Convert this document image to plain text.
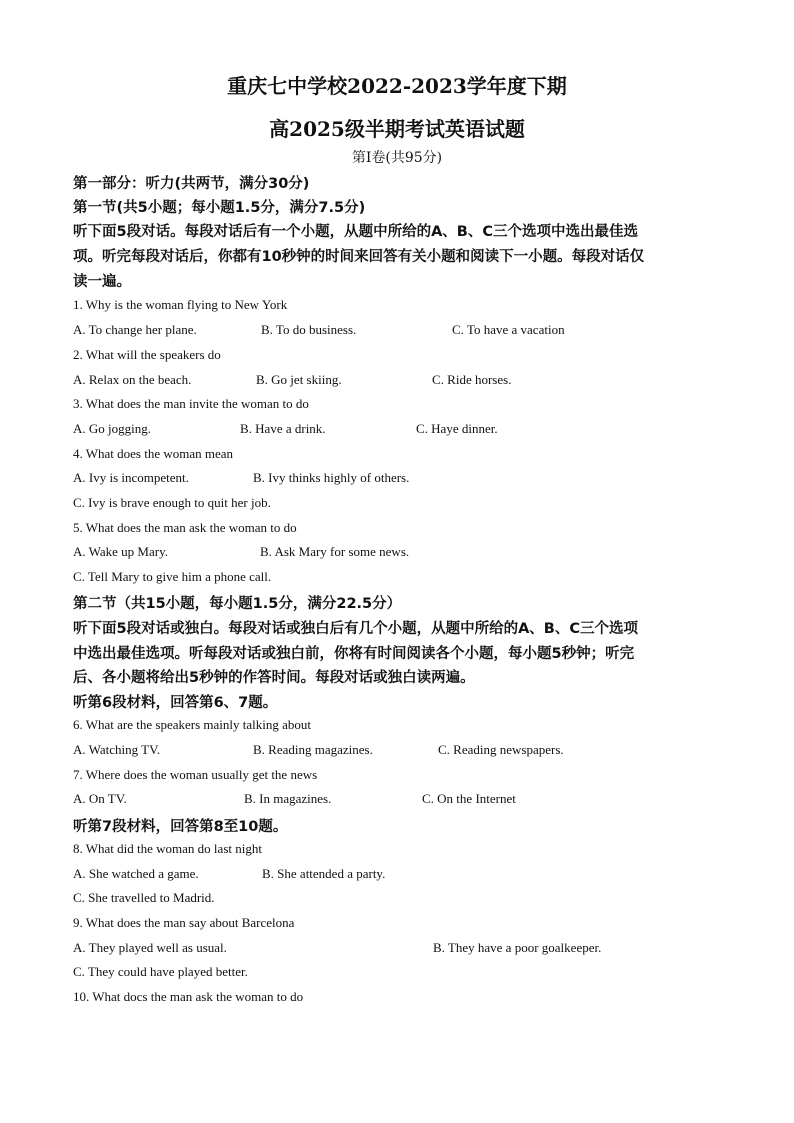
重庆七中学校2022-2023学年度下期
高2025级半期考试英语试题
第Ⅰ卷(共95分)
第一部分：听力(共两节，满分30分)
第一节(共5小题；每小题1.5分，满分7.5分)
听下面5段对话。每段对话后有一个小题，从题中所给的A、B、C三个选项中选出最佳选
项。听完每段对话后，你都有10秒钟的时间来回答有关小题和阅读下一小题。每段对话仅
读一遍。
1. Why is the woman flying to New York
A. To change her plane.	B. To do business.	C. To have a vacation
2. What will the speakers do
A. Relax on the beach.	B. Go jet skiing.	C. Ride horses.
3. What does the man invite the woman to do
A. Go jogging.	B. Have a drink.	C. Haye dinner.
4. What does the woman mean
A. Ivy is incompetent.	B. Ivy thinks highly of others.
C. Ivy is brave enough to quit her job.
5. What does the man ask the woman to do
A. Wake up Mary.	B. Ask Mary for some news.
C. Tell Mary to give him a phone call.
第二节（共15小题，每小题1.5分，满分22.5分）
听下面5段对话或独白。每段对话或独白后有几个小题，从题中所给的A、B、C三个选项
中选出最佳选项。听每段对话或独白前，你将有时间阅读各个小题，每小题5秒钟；听完
后、各小题将给出5秒钟的作答时间。每段对话或独白读两遍。
听第6段材料，回答第6、7题。
6. What are the speakers mainly talking about
A. Watching TV.	B. Reading magazines.	C. Reading newspapers.
7. Where does the woman usually get the news
A. On TV.	B. In magazines.	C. On the Internet
听第7段材料，回答第8至10题。
8. What did the woman do last night
A. She watched a game.	B. She attended a party.
C. She travelled to Madrid.
9. What does the man say about Barcelona
A. They played well as usual.	B. They have a poor goalkeeper.
C. They could have played better.
10. What docs the man ask the woman to do
